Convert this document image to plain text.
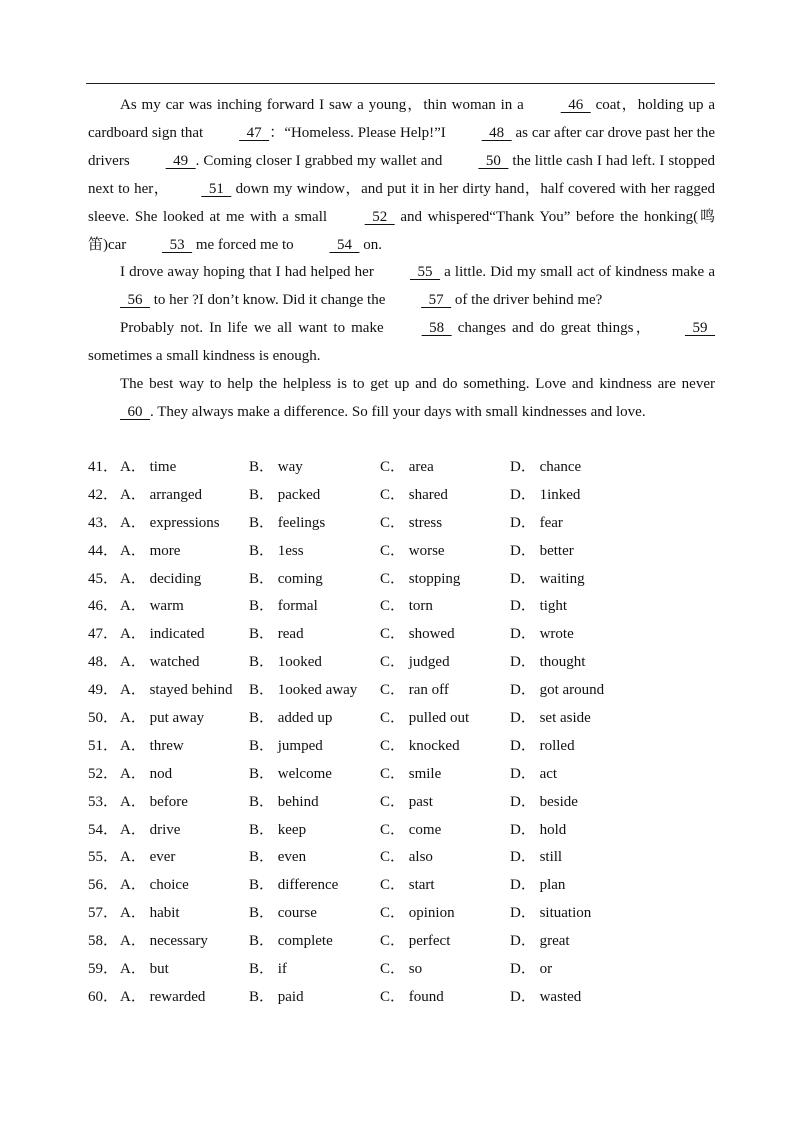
As my car was inching forward I saw a young，thin woman in a   46   coat，holding up a cardboard sign that   47  ：“Homeless. Please Help!”I   48   as car after car drove past her the drivers   49  . Coming closer I grabbed my wallet and   50   the little cash I had left. I stopped next to her，  51   down my window，and put it in her dirty hand，half covered with her ragged sleeve. She looked at me with a small   52   and whispered“Thank You” before the honking(鸣笛)car   53   me forced me to   54   on.

I drove away hoping that I had helped her   55   a little. Did my small act of kindness make a   56   to her ?I don’t know. Did it change the   57   of the driver behind me?

Probably not. In life we all want to make   58   changes and do great things，  59   sometimes a small kindness is enough.

The best way to help the helpless is to get up and do something. Love and kindness are never   60  . They always make a difference. So fill your days with small kindnesses and love.

41． A． time	B． way	C． area	D． chance
42． A． arranged	B． packed	C． shared	D． 1inked
43． A． expressions B． feelings	C． stress	D． fear
44． A． more	B． 1ess	C． worse	D． better
45． A． deciding	B． coming	C． stopping	D． waiting
46． A． warm	B． formal	C． torn	D． tight
47． A． indicated	B． read	C． showed	D． wrote
48． A． watched	B． 1ooked	C． judged	D． thought
49． A． stayed behind B． 1ooked away C． ran off	D． got around
50． A． put away	B． added up	C． pulled out	D． set aside
51． A． threw	B． jumped	C． knocked	D． rolled
52． A． nod	B． welcome	C． smile	D． act
53． A． before	B． behind	C． past	D． beside
54． A． drive	B． keep	C． come	D． hold
55． A． ever	B． even	C． also	D． still
56． A． choice	B． difference	C． start	D． plan
57． A． habit	B． course	C． opinion	D． situation
58． A． necessary	B． complete	C． perfect	D． great
59． A． but	B． if	C． so	D． or
60． A． rewarded	B． paid	C． found	D． wasted
